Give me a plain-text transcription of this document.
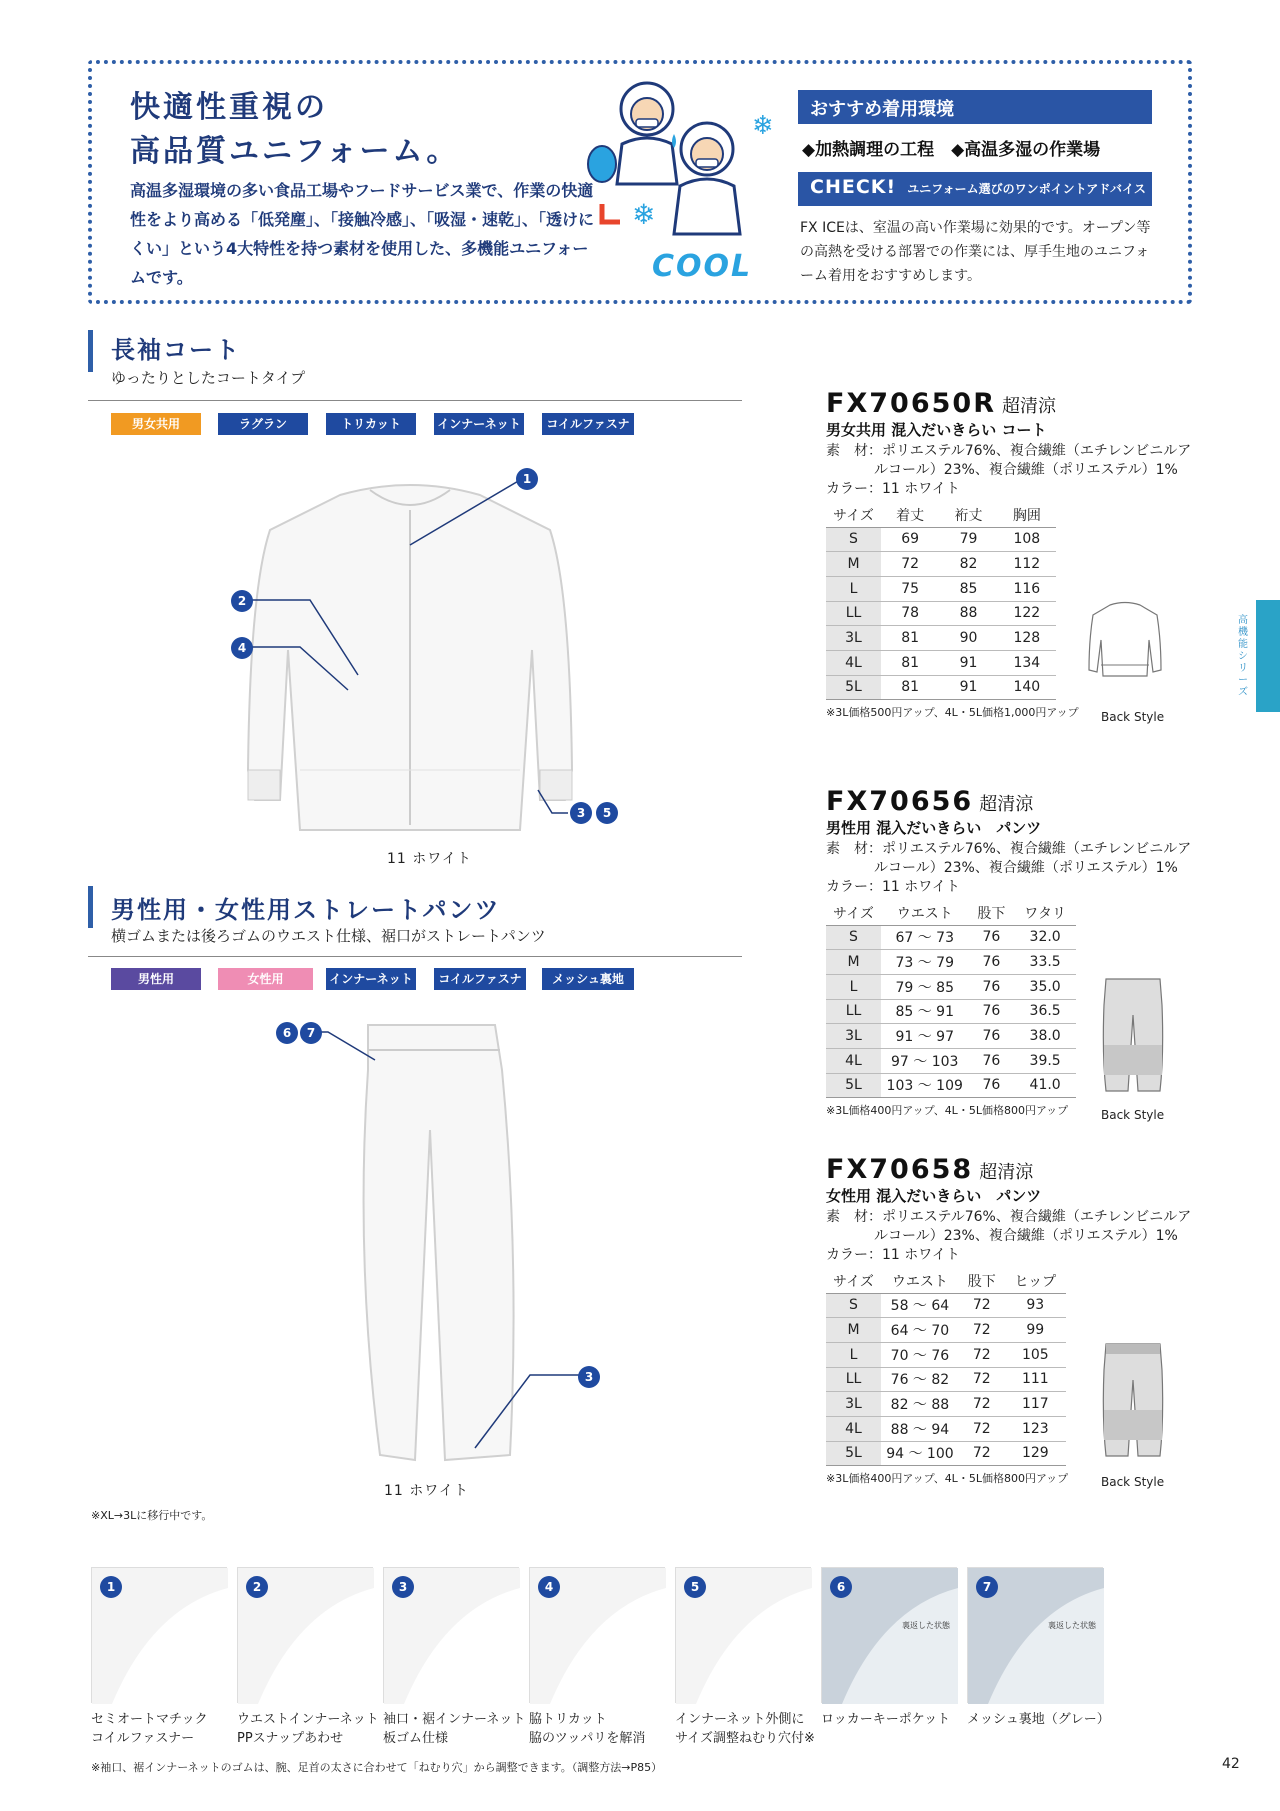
快適性重視の
高品質ユニフォーム。
高温多湿環境の多い食品工場やフードサービス業で、作業の快適性をより高める「低発塵」、「接触冷感」、「吸湿・速乾」、「透けにくい」という4大特性を持つ素材を使用した、多機能ユニフォームです。
❄
❄
COOL
おすすめ着用環境
◆加熱調理の工程　◆高温多湿の作業場
CHECK! ユニフォーム選びのワンポイントアドバイス
FX ICEは、室温の高い作業場に効果的です。オープン等の高熱を受ける部署での作業には、厚手生地のユニフォーム着用をおすすめします。
高機能シリーズ
長袖コート
ゆったりとしたコートタイプ
男女共用	ラグラン	トリカット	インナーネット	コイルファスナー
1
2
4
3	5
11 ホワイト
男性用・女性用ストレートパンツ
横ゴムまたは後ろゴムのウエスト仕様、裾口がストレートパンツ
男性用	女性用	インナーネット	コイルファスナー
メッシュ裏地
6	7
3
11 ホワイト
※XL→3Lに移行中です。
FX70650R 超清涼
男女共用 混入だいきらい コート
素　材：ポリエステル76%、複合繊維（エチレンビニルア
ルコール）23%、複合繊維（ポリエステル）1%
カラー：11 ホワイト
サイズ	着丈	裄丈	胸囲
S	69	79	108
M	72	82	112
L	75	85	116
LL	78	88	122
3L	81	90	128
4L	81	91	134
5L	81	91	140
※3L価格500円アップ、4L・5L価格1,000円アップ	Back Style
FX70656 超清涼
男性用 混入だいきらい　パンツ
素　材：ポリエステル76%、複合繊維（エチレンビニルア
ルコール）23%、複合繊維（ポリエステル）1%
カラー：11 ホワイト
サイズ	ウエスト	股下	ワタリ
S	67 ～ 73	76	32.0
M	73 ～ 79	76	33.5
L	79 ～ 85	76	35.0
LL	85 ～ 91	76	36.5
3L	91 ～ 97	76	38.0
4L	97 ～ 103	76	39.5
5L	103 ～ 109	76	41.0
※3L価格400円アップ、4L・5L価格800円アップ	Back Style
FX70658 超清涼
女性用 混入だいきらい　パンツ
素　材：ポリエステル76%、複合繊維（エチレンビニルア
ルコール）23%、複合繊維（ポリエステル）1%
カラー：11 ホワイト
サイズ	ウエスト	股下	ヒップ
S	58 ～ 64	72	93
M	64 ～ 70	72	99
L	70 ～ 76	72	105
LL	76 ～ 82	72	111
3L	82 ～ 88	72	117
4L	88 ～ 94	72	123
5L	94 ～ 100	72	129
※3L価格400円アップ、4L・5L価格800円アップ	Back Style
1
セミオートマチック
コイルファスナー
2
ウエストインナーネット
PPスナップあわせ
3
袖口・裾インナーネット
板ゴム仕様
4
脇トリカット
脇のツッパリを解消
5
インナーネット外側に
サイズ調整ねむり穴付※
6
裏返した状態
ロッカーキーポケット
7
裏返した状態
メッシュ裏地（グレー）
※袖口、裾インナーネットのゴムは、腕、足首の太さに合わせて「ねむり穴」から調整できます。（調整方法→P85）	42
